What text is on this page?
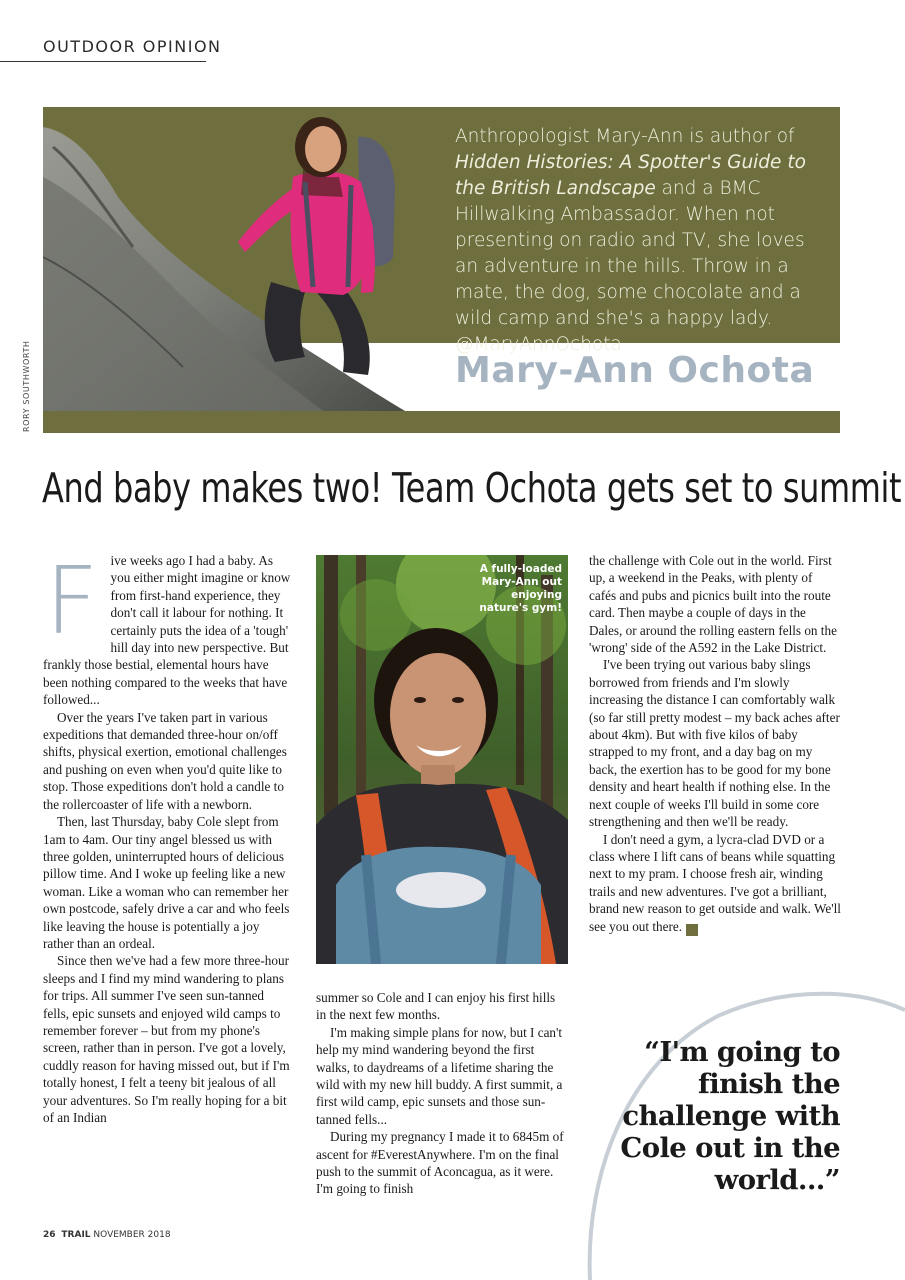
OUTDOOR OPINION
Anthropologist Mary-Ann is author of Hidden Histories: A Spotter's Guide to the British Landscape and a BMC Hillwalking Ambassador. When not presenting on radio and TV, she loves an adventure in the hills. Throw in a mate, the dog, some chocolate and a wild camp and she's a happy lady. @MaryAnnOchota
Mary-Ann Ochota
RORY SOUTHWORTH
And baby makes two! Team Ochota gets set to summit
F ive weeks ago I had a baby. As you either might imagine or know from first-hand experience, they don't call it labour for nothing. It certainly puts the idea of a 'tough' hill day into new perspective. But frankly those bestial, elemental hours have been nothing compared to the weeks that have followed...

Over the years I've taken part in various expeditions that demanded three-hour on/off shifts, physical exertion, emotional challenges and pushing on even when you'd quite like to stop. Those expeditions don't hold a candle to the rollercoaster of life with a newborn.

Then, last Thursday, baby Cole slept from 1am to 4am. Our tiny angel blessed us with three golden, uninterrupted hours of delicious pillow time. And I woke up feeling like a new woman. Like a woman who can remember her own postcode, safely drive a car and who feels like leaving the house is potentially a joy rather than an ordeal.

Since then we've had a few more three-hour sleeps and I find my mind wandering to plans for trips. All summer I've seen sun-tanned fells, epic sunsets and enjoyed wild camps to remember forever – but from my phone's screen, rather than in person. I've got a lovely, cuddly reason for having missed out, but if I'm totally honest, I felt a teeny bit jealous of all your adventures. So I'm really hoping for a bit of an Indian

A fully-loaded Mary-Ann out enjoying nature's gym!

summer so Cole and I can enjoy his first hills in the next few months.

I'm making simple plans for now, but I can't help my mind wandering beyond the first walks, to daydreams of a lifetime sharing the wild with my new hill buddy. A first summit, a first wild camp, epic sunsets and those sun-tanned fells...

During my pregnancy I made it to 6845m of ascent for #EverestAnywhere. I'm on the final push to the summit of Aconcagua, as it were. I'm going to finish

the challenge with Cole out in the world. First up, a weekend in the Peaks, with plenty of cafés and pubs and picnics built into the route card. Then maybe a couple of days in the Dales, or around the rolling eastern fells on the 'wrong' side of the A592 in the Lake District.

I've been trying out various baby slings borrowed from friends and I'm slowly increasing the distance I can comfortably walk (so far still pretty modest – my back aches after about 4km). But with five kilos of baby strapped to my front, and a day bag on my back, the exertion has to be good for my bone density and heart health if nothing else. In the next couple of weeks I'll build in some core strengthening and then we'll be ready.

I don't need a gym, a lycra-clad DVD or a class where I lift cans of beans while squatting next to my pram. I choose fresh air, winding trails and new adventures. I've got a brilliant, brand new reason to get outside and walk. We'll see you out there. T

“I'm going to finish the challenge with Cole out in the world...”
26 TRAIL NOVEMBER 2018
